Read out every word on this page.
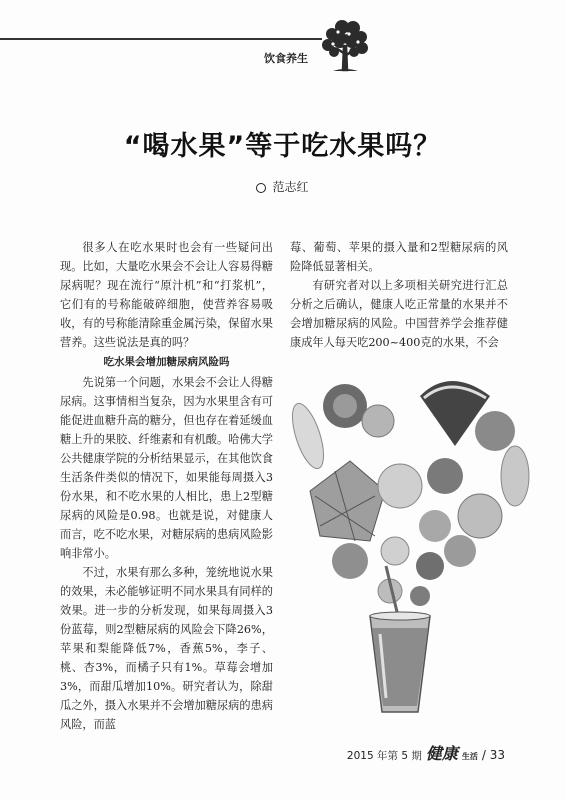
饮食养生
“喝水果”等于吃水果吗？
范志红

很多人在吃水果时也会有一些疑问出现。比如，大量吃水果会不会让人容易得糖尿病呢？现在流行“原汁机”和“打浆机”，它们有的号称能破碎细胞，使营养容易吸收，有的号称能清除重金属污染，保留水果营养。这些说法是真的吗？

吃水果会增加糖尿病风险吗

先说第一个问题，水果会不会让人得糖尿病。这事情相当复杂，因为水果里含有可能促进血糖升高的糖分，但也存在着延缓血糖上升的果胶、纤维素和有机酸。哈佛大学公共健康学院的分析结果显示，在其他饮食生活条件类似的情况下，如果能每周摄入3份水果，和不吃水果的人相比，患上2型糖尿病的风险是0.98。也就是说，对健康人而言，吃不吃水果，对糖尿病的患病风险影响非常小。

不过，水果有那么多种，笼统地说水果的效果，未必能够证明不同水果具有同样的效果。进一步的分析发现，如果每周摄入3份蓝莓，则2型糖尿病的风险会下降26%，苹果和梨能降低7%，香蕉5%，李子、桃、杏3%，而橘子只有1%。草莓会增加3%，而甜瓜增加10%。研究者认为，除甜瓜之外，摄入水果并不会增加糖尿病的患病风险，而蓝

莓、葡萄、苹果的摄入量和2型糖尿病的风险降低显著相关。

有研究者对以上多项相关研究进行汇总分析之后确认，健康人吃正常量的水果并不会增加糖尿病的风险。中国营养学会推荐健康成年人每天吃200~400克的水果，不会

2015 年第 5 期 健康 生活 / 33
